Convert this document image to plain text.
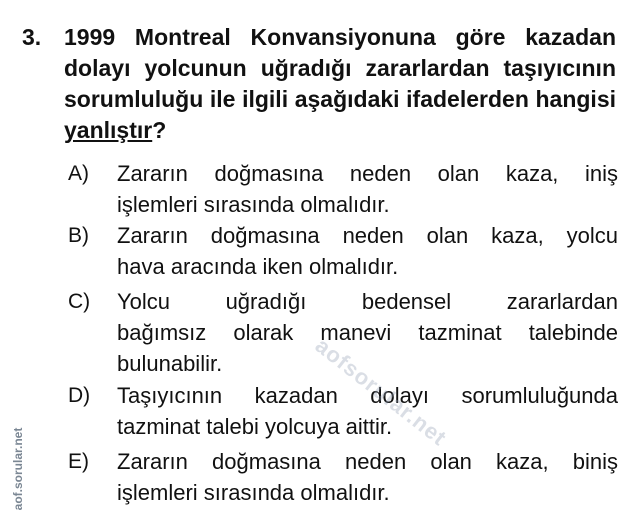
3. 1999 Montreal Konvansiyonuna göre kazadan dolayı yolcunun uğradığı zararlardan taşıyıcının sorumluluğu ile ilgili aşağıdaki ifadelerden hangisi yanlıştır?
A) Zararın doğmasına neden olan kaza, iniş
işlemleri sırasında olmalıdır.
B) Zararın doğmasına neden olan kaza, yolcu
hava aracında iken olmalıdır.
C) Yolcu uğradığı bedensel zararlardan
bağımsız olarak manevi tazminat talebinde
bulunabilir.
D) Taşıyıcının kazadan dolayı sorumluluğunda
tazminat talebi yolcuya aittir.
E) Zararın doğmasına neden olan kaza, biniş
işlemleri sırasında olmalıdır.
aofsorular.net
aof.sorular.net
